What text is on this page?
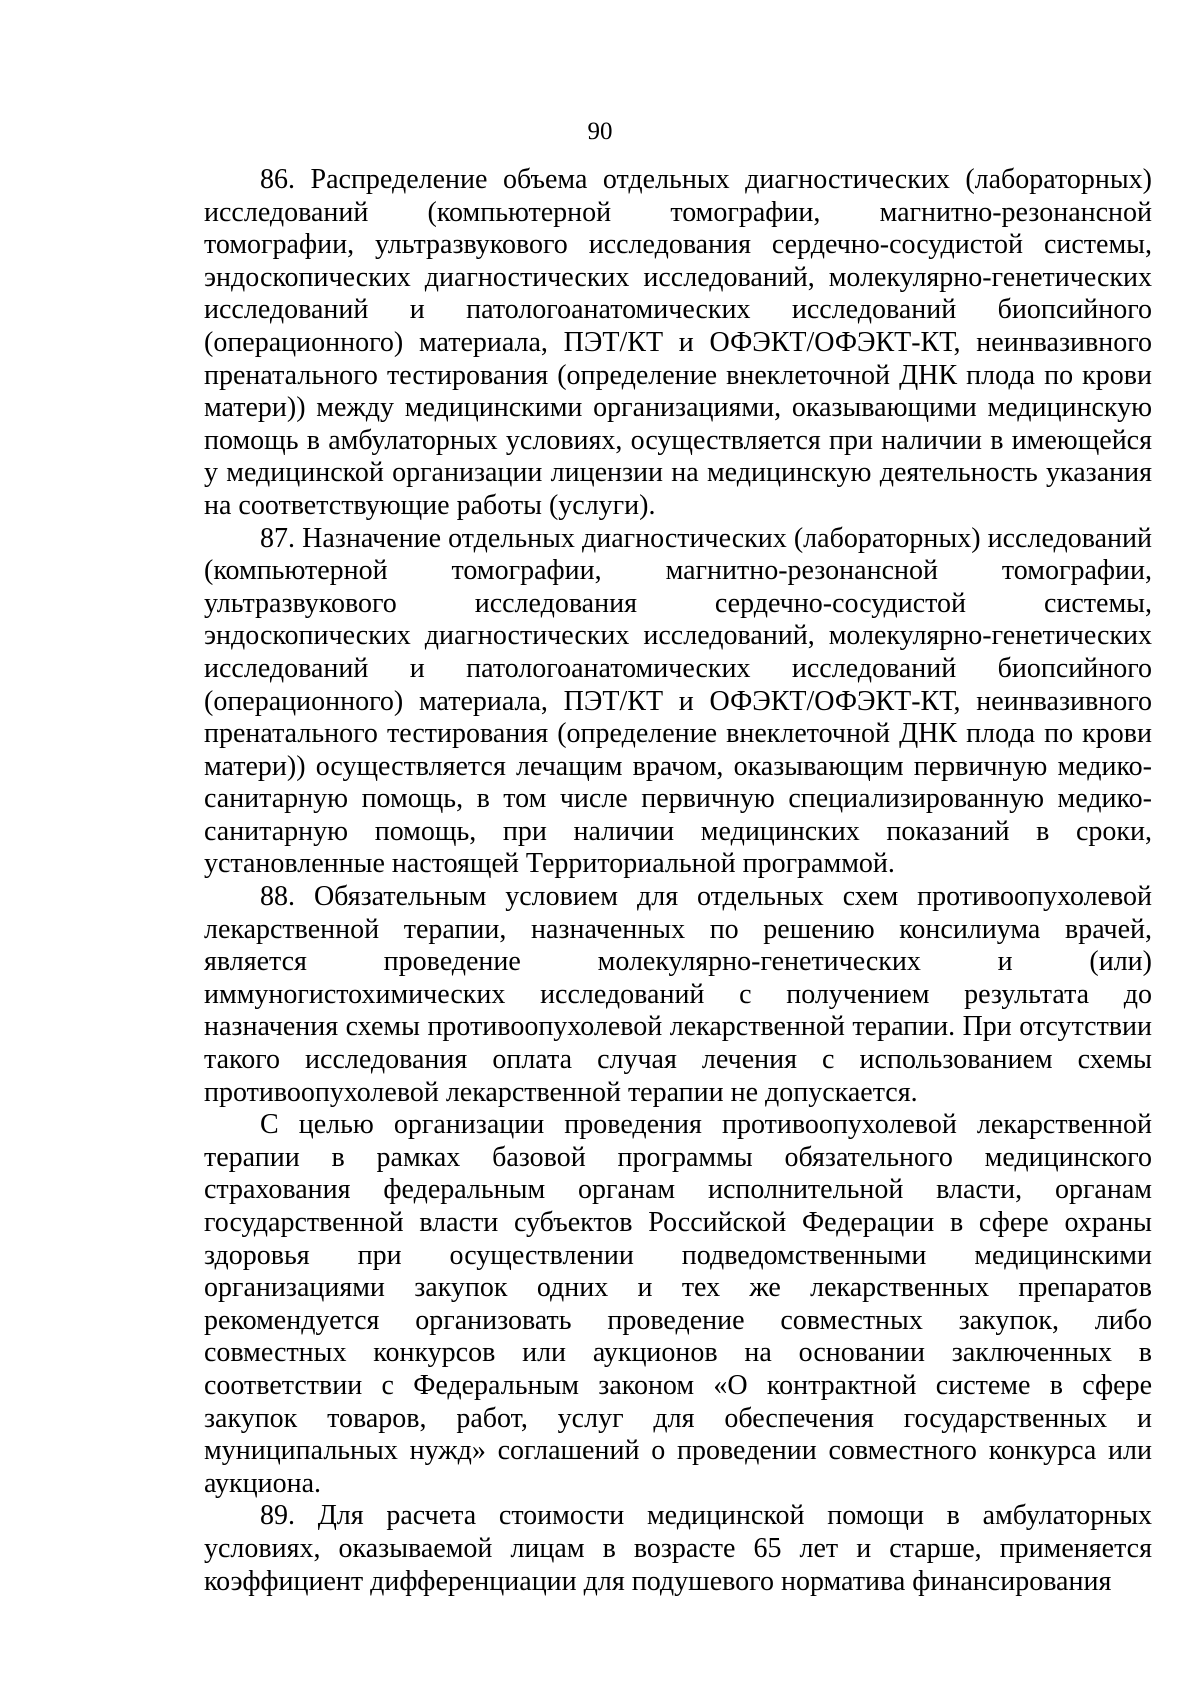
90

86. Распределение объема отдельных диагностических (лабораторных) исследований (компьютерной томографии, магнитно-резонансной томографии, ультразвукового исследования сердечно-сосудистой системы, эндоскопических диагностических исследований, молекулярно-генетических исследований и патологоанатомических исследований биопсийного (операционного) материала, ПЭТ/КТ и ОФЭКТ/ОФЭКТ-КТ, неинвазивного пренатального тестирования (определение внеклеточной ДНК плода по крови матери)) между медицинскими организациями, оказывающими медицинскую помощь в амбулаторных условиях, осуществляется при наличии в имеющейся у медицинской организации лицензии на медицинскую деятельность указания на соответствующие работы (услуги).

87. Назначение отдельных диагностических (лабораторных) исследований (компьютерной томографии, магнитно-резонансной томографии, ультразвукового исследования сердечно-сосудистой системы, эндоскопических диагностических исследований, молекулярно-генетических исследований и патологоанатомических исследований биопсийного (операционного) материала, ПЭТ/КТ и ОФЭКТ/ОФЭКТ-КТ, неинвазивного пренатального тестирования (определение внеклеточной ДНК плода по крови матери)) осуществляется лечащим врачом, оказывающим первичную медико-санитарную помощь, в том числе первичную специализированную медико-санитарную помощь, при наличии медицинских показаний в сроки, установленные настоящей Территориальной программой.

88. Обязательным условием для отдельных схем противоопухолевой лекарственной терапии, назначенных по решению консилиума врачей, является проведение молекулярно-генетических и (или) иммуногистохимических исследований с получением результата до назначения схемы противоопухолевой лекарственной терапии. При отсутствии такого исследования оплата случая лечения с использованием схемы противоопухолевой лекарственной терапии не допускается.

С целью организации проведения противоопухолевой лекарственной терапии в рамках базовой программы обязательного медицинского страхования федеральным органам исполнительной власти, органам государственной власти субъектов Российской Федерации в сфере охраны здоровья при осуществлении подведомственными медицинскими организациями закупок одних и тех же лекарственных препаратов рекомендуется организовать проведение совместных закупок, либо совместных конкурсов или аукционов на основании заключенных в соответствии с Федеральным законом «О контрактной системе в сфере закупок товаров, работ, услуг для обеспечения государственных и муниципальных нужд» соглашений о проведении совместного конкурса или аукциона.

89. Для расчета стоимости медицинской помощи в амбулаторных условиях, оказываемой лицам в возрасте 65 лет и старше, применяется коэффициент дифференциации для подушевого норматива финансирования
